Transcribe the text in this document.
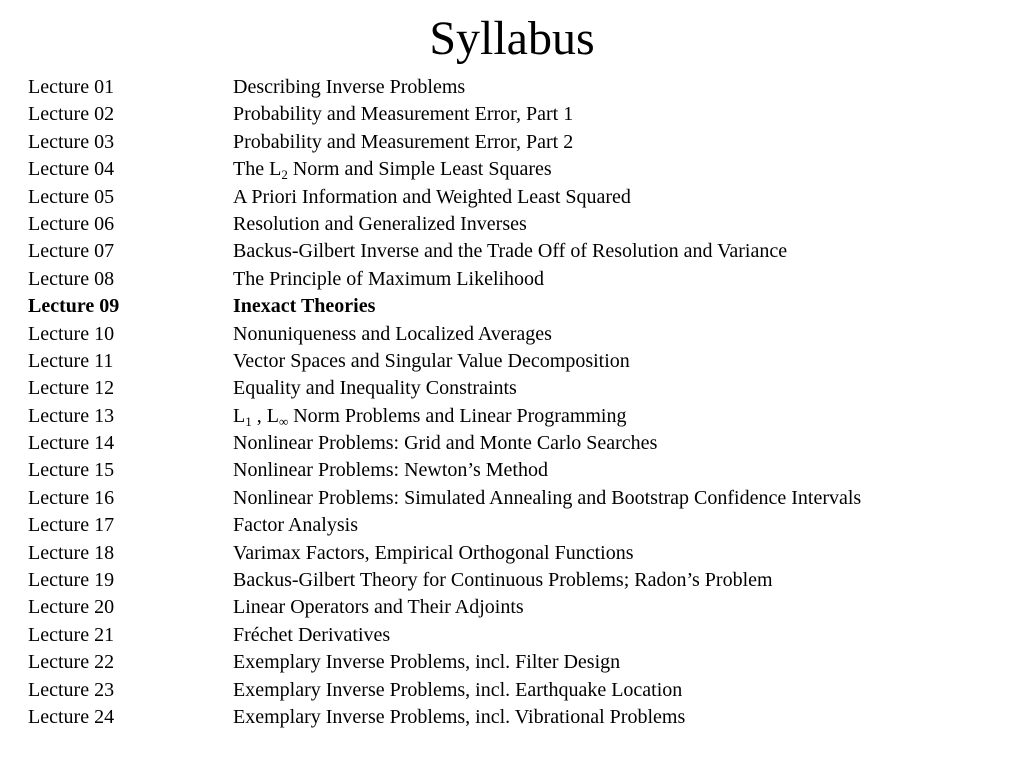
Syllabus
Lecture 01	Describing Inverse Problems
Lecture 02	Probability and Measurement Error, Part 1
Lecture 03	Probability and Measurement Error, Part 2
Lecture 04	The $L_2$ Norm and Simple Least Squares
Lecture 05	A Priori Information and Weighted Least Squared
Lecture 06	Resolution and Generalized Inverses
Lecture 07	Backus-Gilbert Inverse and the Trade Off of Resolution and Variance
Lecture 08	The Principle of Maximum Likelihood
Lecture 09	Inexact Theories
Lecture 10	Nonuniqueness and Localized Averages
Lecture 11	Vector Spaces and Singular Value Decomposition
Lecture 12	Equality and Inequality Constraints
Lecture 13	$L_1$ , $L_\infty$ Norm Problems and Linear Programming
Lecture 14	Nonlinear Problems: Grid and Monte Carlo Searches
Lecture 15	Nonlinear Problems: Newton’s Method
Lecture 16	Nonlinear Problems: Simulated Annealing and Bootstrap Confidence Intervals
Lecture 17	Factor Analysis
Lecture 18	Varimax Factors, Empirical Orthogonal Functions
Lecture 19	Backus-Gilbert Theory for Continuous Problems; Radon’s Problem
Lecture 20	Linear Operators and Their Adjoints
Lecture 21	Fréchet Derivatives
Lecture 22	Exemplary Inverse Problems, incl. Filter Design
Lecture 23	Exemplary Inverse Problems, incl. Earthquake Location
Lecture 24	Exemplary Inverse Problems, incl. Vibrational Problems
